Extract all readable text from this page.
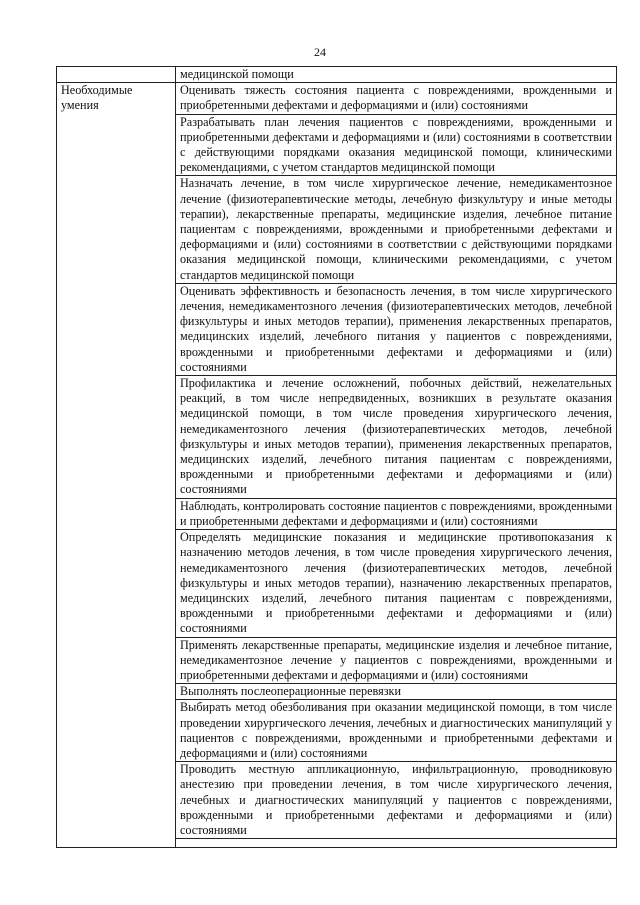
24
	медицинской помощи
Необходимые
умения	Оценивать тяжесть состояния пациента с повреждениями, врожденными и приобретенными дефектами и деформациями и (или) состояниями
	Разрабатывать план лечения пациентов с повреждениями, врожденными и приобретенными дефектами и деформациями и (или) состояниями в соответствии с действующими порядками оказания медицинской помощи, клиническими рекомендациями, с учетом стандартов медицинской помощи
	Назначать лечение, в том числе хирургическое лечение, немедикаментозное лечение (физиотерапевтические методы, лечебную физкультуру и иные методы терапии), лекарственные препараты, медицинские изделия, лечебное питание пациентам с повреждениями, врожденными и приобретенными дефектами и деформациями и (или) состояниями в соответствии с действующими порядками оказания медицинской помощи, клиническими рекомендациями, с учетом стандартов медицинской помощи
	Оценивать эффективность и безопасность лечения, в том числе хирургического лечения, немедикаментозного лечения (физиотерапевтических методов, лечебной физкультуры и иных методов терапии), применения лекарственных препаратов, медицинских изделий, лечебного питания у пациентов с повреждениями, врожденными и приобретенными дефектами и деформациями и (или) состояниями
	Профилактика и лечение осложнений, побочных действий, нежелательных реакций, в том числе непредвиденных, возникших в результате оказания медицинской помощи, в том числе проведения хирургического лечения, немедикаментозного лечения (физиотерапевтических методов, лечебной физкультуры и иных методов терапии), применения лекарственных препаратов, медицинских изделий, лечебного питания пациентам с повреждениями, врожденными и приобретенными дефектами и деформациями и (или) состояниями
	Наблюдать, контролировать состояние пациентов с повреждениями, врожденными и приобретенными дефектами и деформациями и (или) состояниями
	Определять медицинские показания и медицинские противопоказания к назначению методов лечения, в том числе проведения хирургического лечения, немедикаментозного лечения (физиотерапевтических методов, лечебной физкультуры и иных методов терапии), назначению лекарственных препаратов, медицинских изделий, лечебного питания пациентам с повреждениями, врожденными и приобретенными дефектами и деформациями и (или) состояниями
	Применять лекарственные препараты, медицинские изделия и лечебное питание, немедикаментозное лечение у пациентов с повреждениями, врожденными и приобретенными дефектами и деформациями и (или) состояниями
	Выполнять послеоперационные перевязки
	Выбирать метод обезболивания при оказании медицинской помощи, в том числе проведении хирургического лечения, лечебных и диагностических манипуляций у пациентов с повреждениями, врожденными и приобретенными дефектами и деформациями и (или) состояниями
	Проводить местную аппликационную, инфильтрационную, проводниковую анестезию при проведении лечения, в том числе хирургического лечения, лечебных и диагностических манипуляций у пациентов с повреждениями, врожденными и приобретенными дефектами и деформациями и (или) состояниями
